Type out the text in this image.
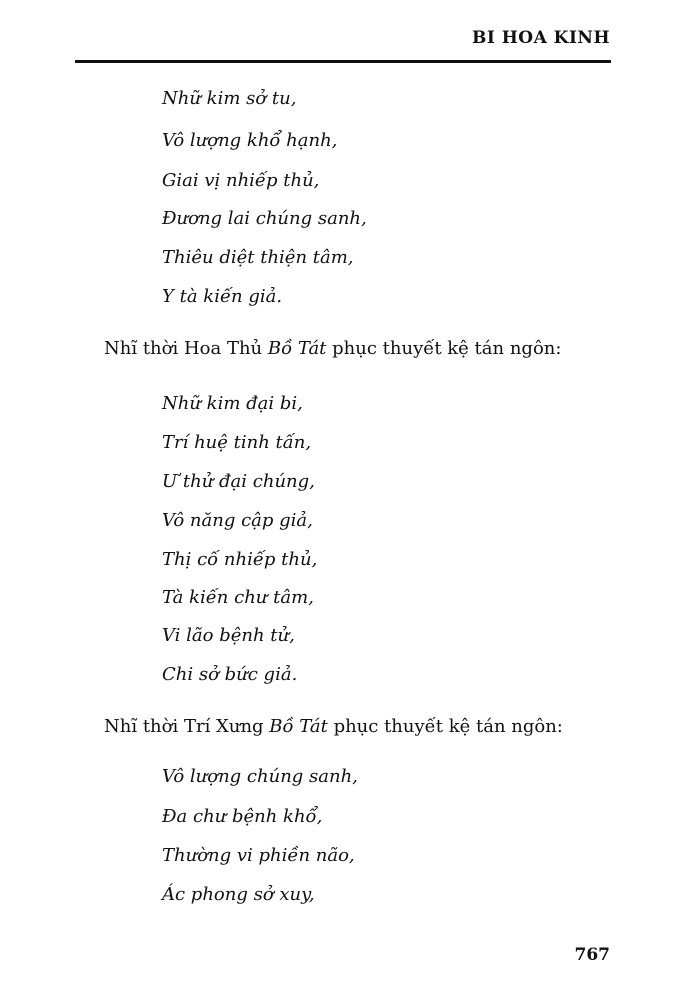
BI HOA KINH
Nhữ kim sở tu,
Vô lượng khổ hạnh,
Giai vị nhiếp thủ,
Đương lai chúng sanh,
Thiêu diệt thiện tâm,
Y tà kiến giả.
Nhĩ thời Hoa Thủ Bồ Tát phục thuyết kệ tán ngôn:
Nhữ kim đại bi,
Trí huệ tinh tấn,
Ư thử đại chúng,
Vô năng cập giả,
Thị cố nhiếp thủ,
Tà kiến chư tâm,
Vi lão bệnh tử,
Chi sở bức giả.
Nhĩ thời Trí Xưng Bồ Tát phục thuyết kệ tán ngôn:
Vô lượng chúng sanh,
Đa chư bệnh khổ,
Thường vi phiền não,
Ác phong sở xuy,
767
